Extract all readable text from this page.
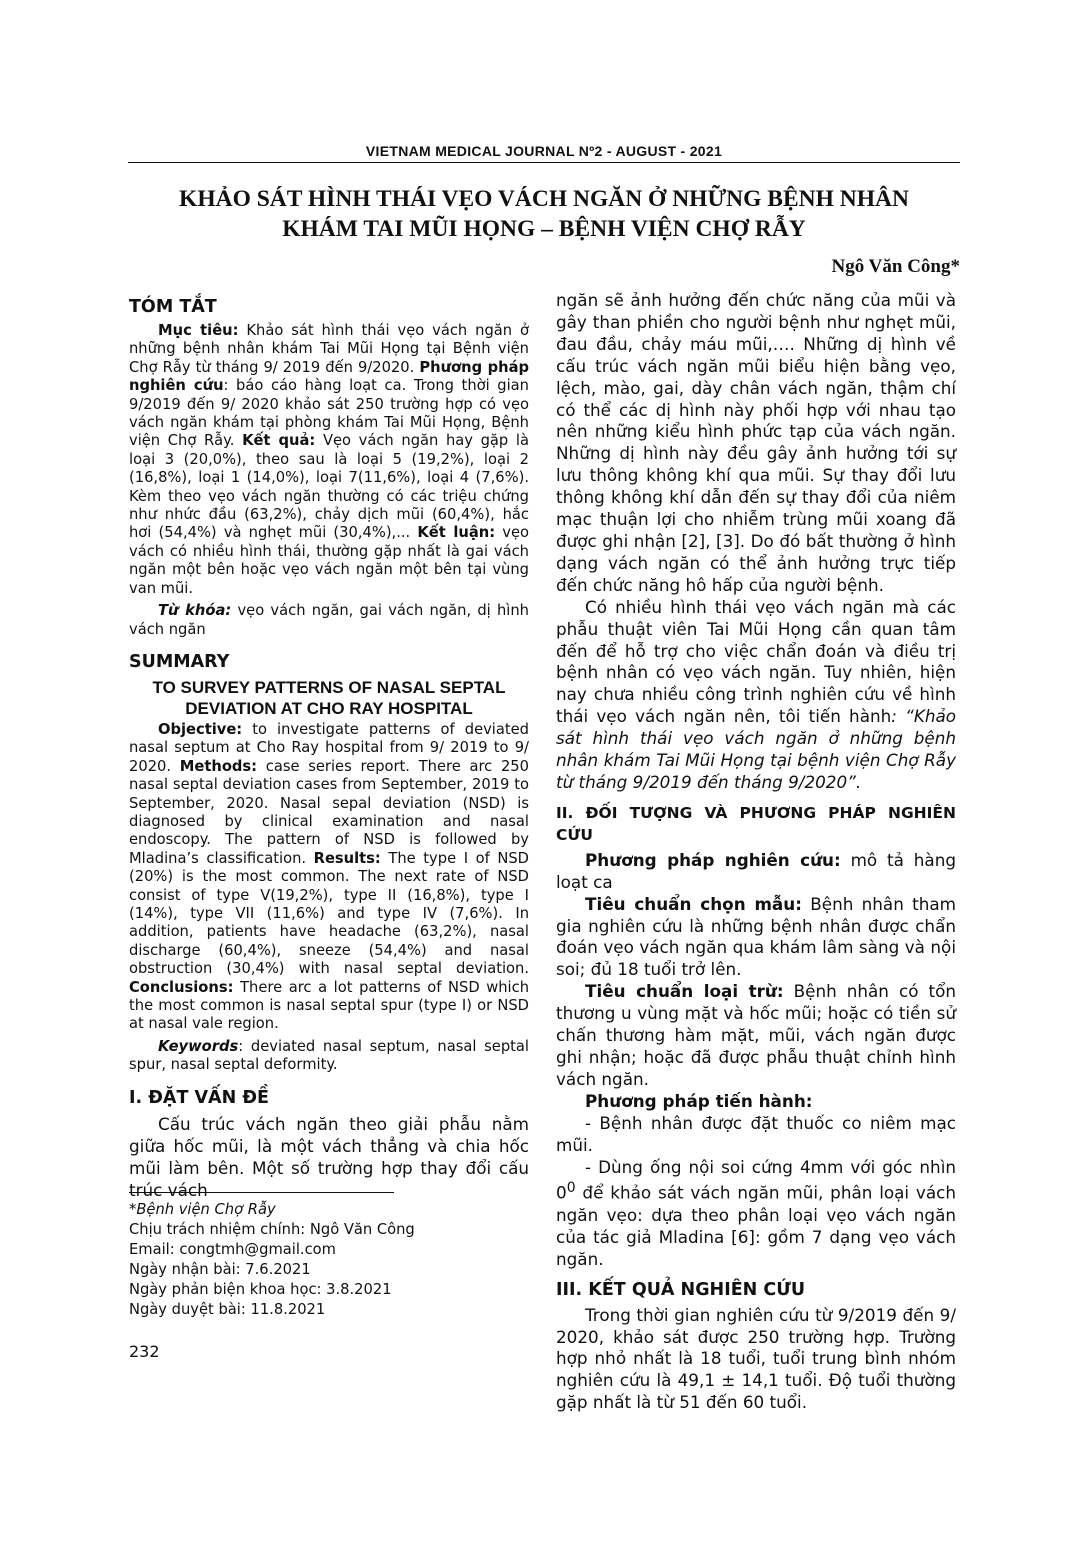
VIETNAM MEDICAL JOURNAL Nº2 - AUGUST - 2021
KHẢO SÁT HÌNH THÁI VẸO VÁCH NGĂN Ở NHỮNG BỆNH NHÂN
KHÁM TAI MŨI HỌNG – BỆNH VIỆN CHỢ RẪY
Ngô Văn Công*
TÓM TẮT

Mục tiêu: Khảo sát hình thái vẹo vách ngăn ở những bệnh nhân khám Tai Mũi Họng tại Bệnh viện Chợ Rẫy từ tháng 9/ 2019 đến 9/2020. Phương pháp nghiên cứu: báo cáo hàng loạt ca. Trong thời gian 9/2019 đến 9/ 2020 khảo sát 250 trường hợp có vẹo vách ngăn khám tại phòng khám Tai Mũi Họng, Bệnh viện Chợ Rẫy. Kết quả: Vẹo vách ngăn hay gặp là loại 3 (20,0%), theo sau là loại 5 (19,2%), loại 2 (16,8%), loại 1 (14,0%), loại 7(11,6%), loại 4 (7,6%). Kèm theo vẹo vách ngăn thường có các triệu chứng như nhức đầu (63,2%), chảy dịch mũi (60,4%), hắc hơi (54,4%) và nghẹt mũi (30,4%),... Kết luận: vẹo vách có nhiều hình thái, thường gặp nhất là gai vách ngăn một bên hoặc vẹo vách ngăn một bên tại vùng van mũi.

Từ khóa: vẹo vách ngăn, gai vách ngăn, dị hình vách ngăn

SUMMARY
TO SURVEY PATTERNS OF NASAL SEPTAL DEVIATION AT CHO RAY HOSPITAL

Objective: to investigate patterns of deviated nasal septum at Cho Ray hospital from 9/ 2019 to 9/ 2020. Methods: case series report. There arc 250 nasal septal deviation cases from September, 2019 to September, 2020. Nasal sepal deviation (NSD) is diagnosed by clinical examination and nasal endoscopy. The pattern of NSD is followed by Mladina’s classification. Results: The type I of NSD (20%) is the most common. The next rate of NSD consist of type V(19,2%), type II (16,8%), type I (14%), type VII (11,6%) and type IV (7,6%). In addition, patients have headache (63,2%), nasal discharge (60,4%), sneeze (54,4%) and nasal obstruction (30,4%) with nasal septal deviation. Conclusions: There arc a lot patterns of NSD which the most common is nasal septal spur (type I) or NSD at nasal vale region.

Keywords: deviated nasal septum, nasal septal spur, nasal septal deformity.

I. ĐẶT VẤN ĐỀ

Cấu trúc vách ngăn theo giải phẫu nằm giữa hốc mũi, là một vách thẳng và chia hốc mũi làm bên. Một số trường hợp thay đổi cấu trúc vách

*Bệnh viện Chợ Rẫy
Chịu trách nhiệm chính: Ngô Văn Công
Email: congtmh@gmail.com
Ngày nhận bài: 7.6.2021
Ngày phản biện khoa học: 3.8.2021
Ngày duyệt bài: 11.8.2021
232

ngăn sẽ ảnh hưởng đến chức năng của mũi và gây than phiền cho người bệnh như nghẹt mũi, đau đầu, chảy máu mũi,…. Những dị hình về cấu trúc vách ngăn mũi biểu hiện bằng vẹo, lệch, mào, gai, dày chân vách ngăn, thậm chí có thể các dị hình này phối hợp với nhau tạo nên những kiểu hình phức tạp của vách ngăn. Những dị hình này đều gây ảnh hưởng tới sự lưu thông không khí qua mũi. Sự thay đổi lưu thông không khí dẫn đến sự thay đổi của niêm mạc thuận lợi cho nhiễm trùng mũi xoang đã được ghi nhận [2], [3]. Do đó bất thường ở hình dạng vách ngăn có thể ảnh hưởng trực tiếp đến chức năng hô hấp của người bệnh.

Có nhiều hình thái vẹo vách ngăn mà các phẫu thuật viên Tai Mũi Họng cần quan tâm đến để hỗ trợ cho việc chẩn đoán và điều trị bệnh nhân có vẹo vách ngăn. Tuy nhiên, hiện nay chưa nhiều công trình nghiên cứu về hình thái vẹo vách ngăn nên, tôi tiến hành: “Khảo sát hình thái vẹo vách ngăn ở những bệnh nhân khám Tai Mũi Họng tại bệnh viện Chợ Rẫy từ tháng 9/2019 đến tháng 9/2020”.

II. ĐỐI TƯỢNG VÀ PHƯƠNG PHÁP NGHIÊN CỨU

Phương pháp nghiên cứu: mô tả hàng loạt ca

Tiêu chuẩn chọn mẫu: Bệnh nhân tham gia nghiên cứu là những bệnh nhân được chẩn đoán vẹo vách ngăn qua khám lâm sàng và nội soi; đủ 18 tuổi trở lên.

Tiêu chuẩn loại trừ: Bệnh nhân có tổn thương u vùng mặt và hốc mũi; hoặc có tiền sử chấn thương hàm mặt, mũi, vách ngăn được ghi nhận; hoặc đã được phẫu thuật chỉnh hình vách ngăn.

Phương pháp tiến hành:

- Bệnh nhân được đặt thuốc co niêm mạc mũi.

- Dùng ống nội soi cứng 4mm với góc nhìn $0^0$ để khảo sát vách ngăn mũi, phân loại vách ngăn vẹo: dựa theo phân loại vẹo vách ngăn của tác giả Mladina [6]: gồm 7 dạng vẹo vách ngăn.

III. KẾT QUẢ NGHIÊN CỨU

Trong thời gian nghiên cứu từ 9/2019 đến 9/ 2020, khảo sát được 250 trường hợp. Trường hợp nhỏ nhất là 18 tuổi, tuổi trung bình nhóm nghiên cứu là 49,1 ± 14,1 tuổi. Độ tuổi thường gặp nhất là từ 51 đến 60 tuổi.
